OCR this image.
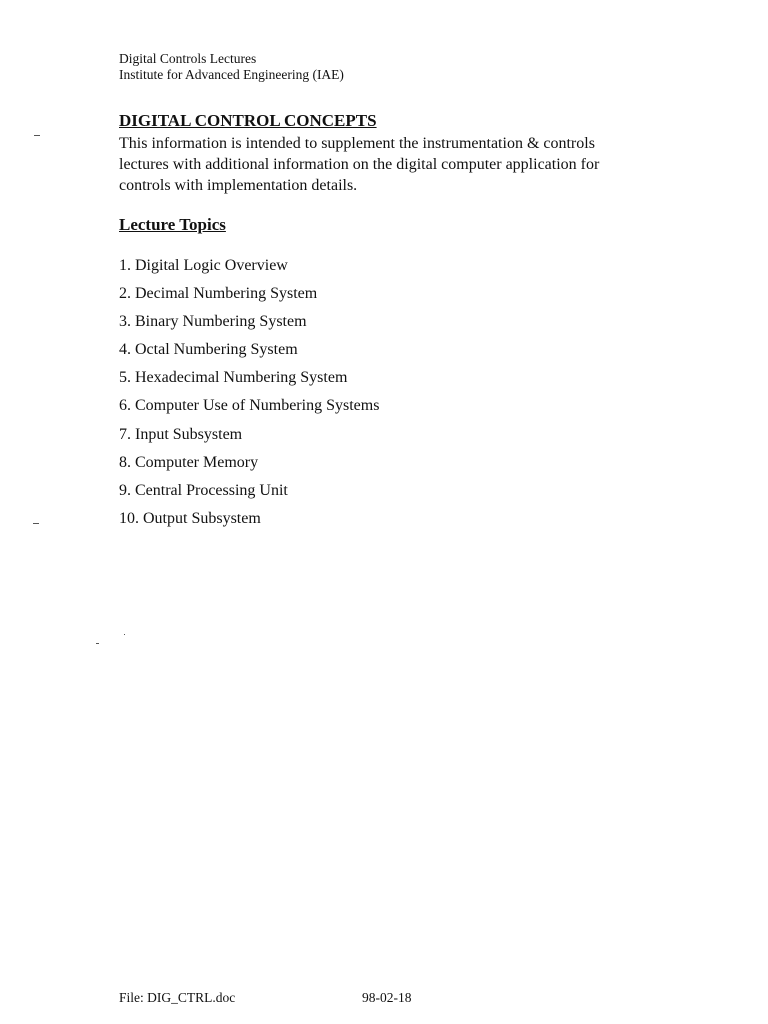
Digital Controls Lectures
Institute for Advanced Engineering (IAE)
DIGITAL CONTROL CONCEPTS

This information is intended to supplement the instrumentation & controls lectures with additional information on the digital computer application for controls with implementation details.

Lecture Topics
1. Digital Logic Overview
2. Decimal Numbering System
3. Binary Numbering System
4. Octal Numbering System
5. Hexadecimal Numbering System
6. Computer Use of Numbering Systems
7. Input Subsystem
8. Computer Memory
9. Central Processing Unit
10. Output Subsystem
File: DIG_CTRL.doc	98-02-18
